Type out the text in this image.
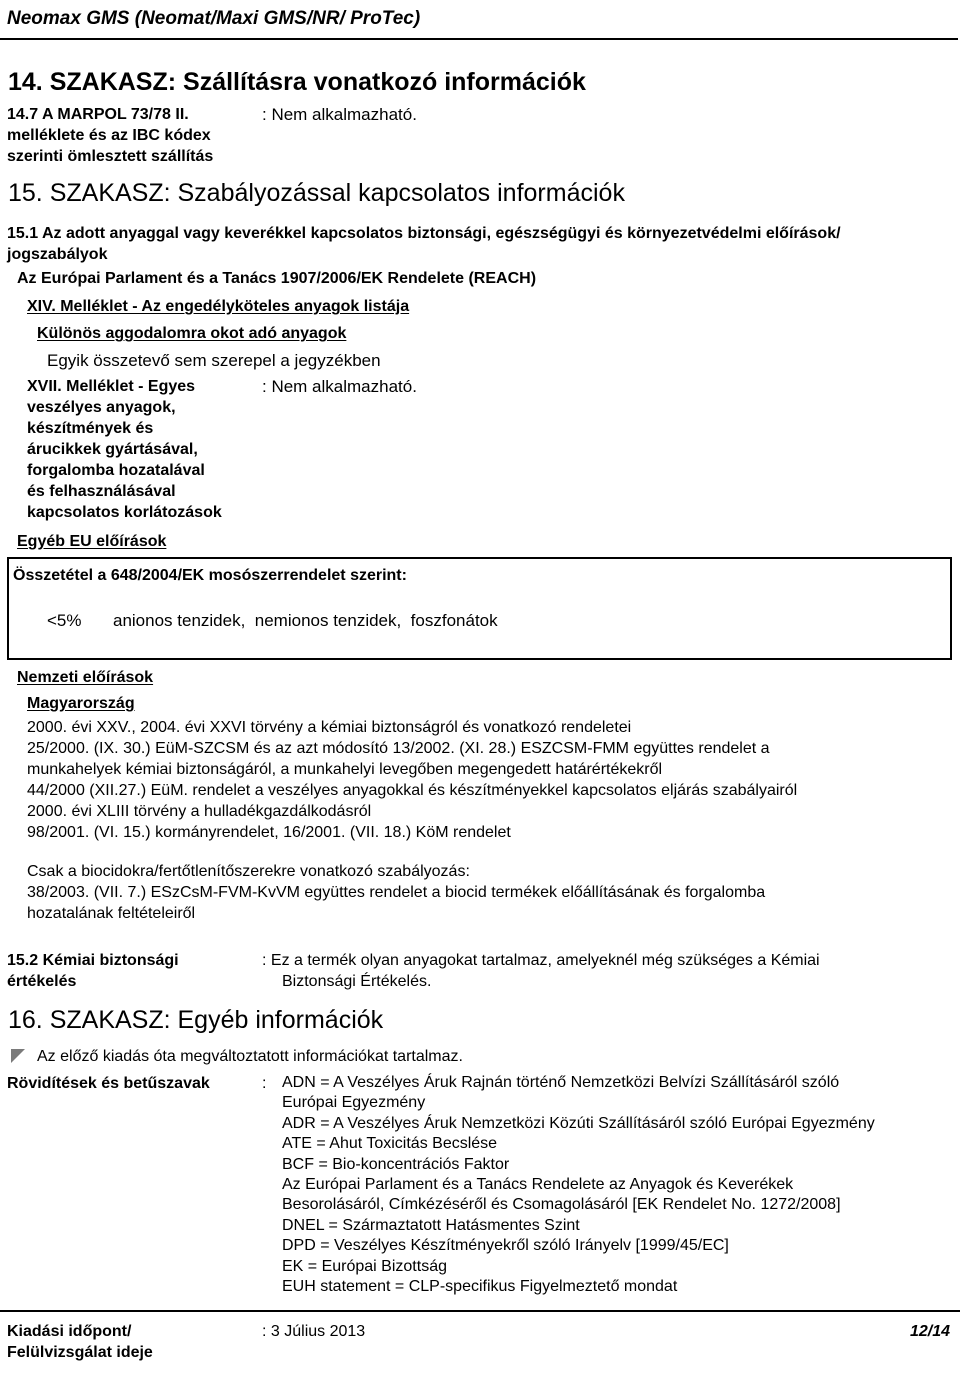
Neomax GMS (Neomat/Maxi GMS/NR/ ProTec)
14. SZAKASZ: Szállításra vonatkozó információk
14.7 A MARPOL 73/78 II.
melléklete és az IBC kódex
szerinti ömlesztett szállítás
: Nem alkalmazható.
15. SZAKASZ: Szabályozással kapcsolatos információk
15.1 Az adott anyaggal vagy keverékkel kapcsolatos biztonsági, egészségügyi és környezetvédelmi előírások/
jogszabályok
Az Európai Parlament és a Tanács 1907/2006/EK Rendelete (REACH)
XIV. Melléklet - Az engedélyköteles anyagok listája
Különös aggodalomra okot adó anyagok
Egyik összetevő sem szerepel a jegyzékben
XVII. Melléklet - Egyes
veszélyes anyagok,
készítmények és
árucikkek gyártásával,
forgalomba hozatalával
és felhasználásával
kapcsolatos korlátozások
: Nem alkalmazható.
Egyéb EU előírások
Összetétel a 648/2004/EK mosószerrendelet szerint:
<5% anionos tenzidek,  nemionos tenzidek,  foszfonátok
Nemzeti előírások
Magyarország
2000. évi XXV., 2004. évi XXVI törvény a kémiai biztonságról és vonatkozó rendeletei
25/2000. (IX. 30.) EüM-SZCSM és az azt módosító 13/2002. (XI. 28.) ESZCSM-FMM együttes rendelet a
munkahelyek kémiai biztonságáról, a munkahelyi levegőben megengedett határértékekről
44/2000 (XII.27.) EüM. rendelet a veszélyes anyagokkal és készítményekkel kapcsolatos eljárás szabályairól
2000. évi XLIII törvény a hulladékgazdálkodásról
98/2001. (VI. 15.) kormányrendelet, 16/2001. (VII. 18.) KöM rendelet
Csak a biocidokra/fertőtlenítőszerekre vonatkozó szabályozás:
38/2003. (VII. 7.) ESzCsM-FVM-KvVM együttes rendelet a biocid termékek előállításának és forgalomba
hozatalának feltételeiről
15.2 Kémiai biztonsági
értékelés
: Ez a termék olyan anyagokat tartalmaz, amelyeknél még szükséges a Kémiai
Biztonsági Értékelés.
16. SZAKASZ: Egyéb információk
Az előző kiadás óta megváltoztatott információkat tartalmaz.
Rövidítések és betűszavak	: ADN = A Veszélyes Áruk Rajnán történő Nemzetközi Belvízi Szállításáról szóló
Európai Egyezmény
ADR = A Veszélyes Áruk Nemzetközi Közúti Szállításáról szóló Európai Egyezmény
ATE = Ahut Toxicitás Becslése
BCF = Bio-koncentrációs Faktor
Az Európai Parlament és a Tanács Rendelete az Anyagok és Keverékek
Besorolásáról, Címkézéséről és Csomagolásáról [EK Rendelet No. 1272/2008]
DNEL = Származtatott Hatásmentes Szint
DPD = Veszélyes Készítményekről szóló Irányelv [1999/45/EC]
EK = Európai Bizottság
EUH statement = CLP-specifikus Figyelmeztető mondat
Kiadási időpont/
Felülvizsgálat ideje
: 3 Július 2013	12/14
